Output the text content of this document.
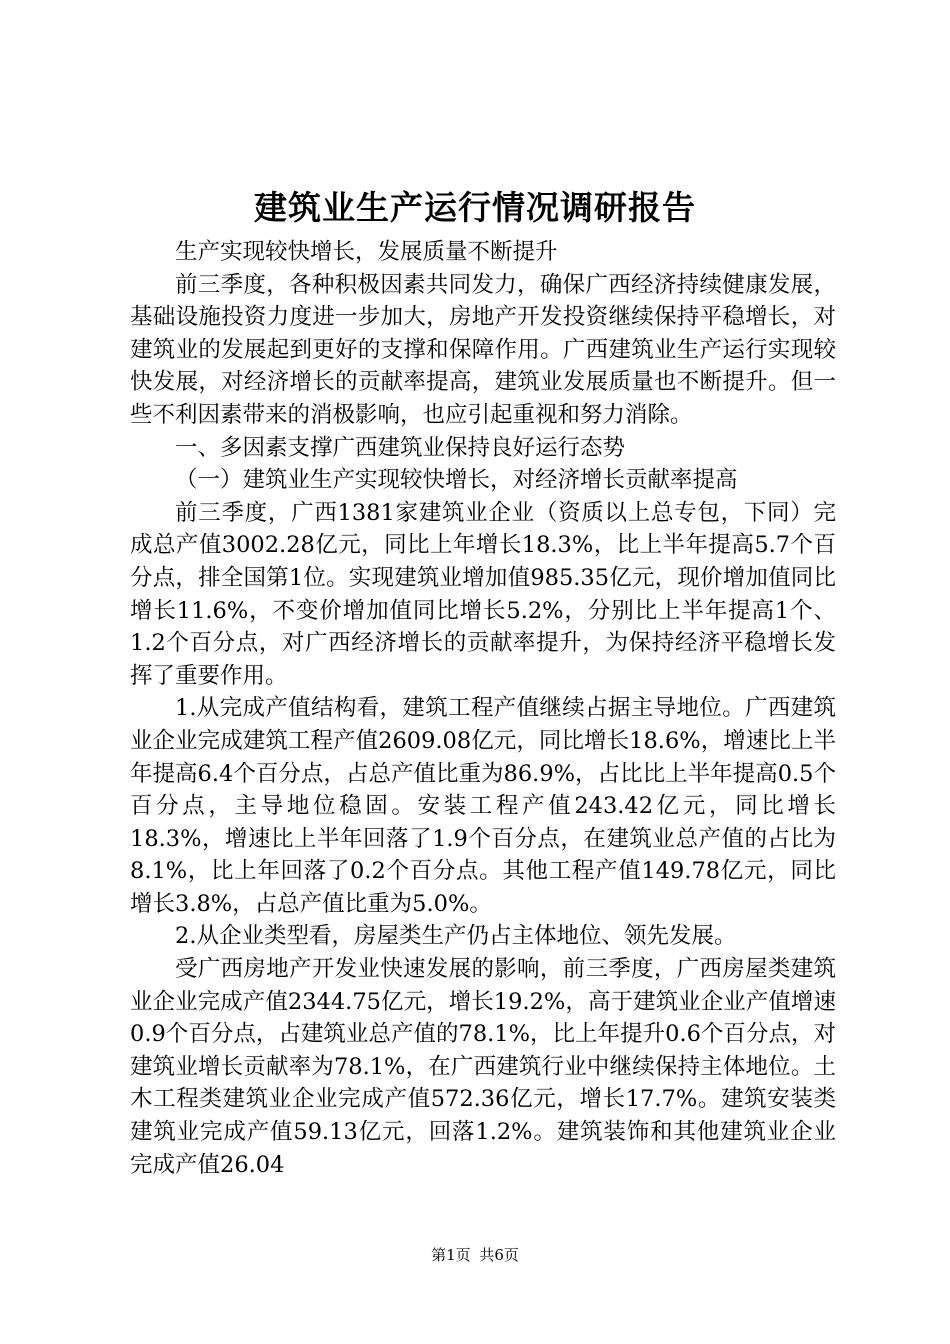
建筑业生产运行情况调研报告

生产实现较快增长，发展质量不断提升

前三季度，各种积极因素共同发力，确保广西经济持续健康发展，基础设施投资力度进一步加大，房地产开发投资继续保持平稳增长，对建筑业的发展起到更好的支撑和保障作用。广西建筑业生产运行实现较快发展，对经济增长的贡献率提高，建筑业发展质量也不断提升。但一些不利因素带来的消极影响，也应引起重视和努力消除。

一、多因素支撑广西建筑业保持良好运行态势

（一）建筑业生产实现较快增长，对经济增长贡献率提高

前三季度，广西1381家建筑业企业（资质以上总专包，下同）完成总产值3002.28亿元，同比上年增长18.3%，比上半年提高5.7个百分点，排全国第1位。实现建筑业增加值985.35亿元，现价增加值同比增长11.6%，不变价增加值同比增长5.2%，分别比上半年提高1个、1.2个百分点，对广西经济增长的贡献率提升，为保持经济平稳增长发挥了重要作用。

1.从完成产值结构看，建筑工程产值继续占据主导地位。广西建筑业企业完成建筑工程产值2609.08亿元，同比增长18.6%，增速比上半年提高6.4个百分点，占总产值比重为86.9%，占比比上半年提高0.5个百分点，主导地位稳固。安装工程产值243.42亿元，同比增长18.3%，增速比上半年回落了1.9个百分点，在建筑业总产值的占比为8.1%，比上年回落了0.2个百分点。其他工程产值149.78亿元，同比增长3.8%，占总产值比重为5.0%。

2.从企业类型看，房屋类生产仍占主体地位、领先发展。

受广西房地产开发业快速发展的影响，前三季度，广西房屋类建筑业企业完成产值2344.75亿元，增长19.2%，高于建筑业企业产值增速0.9个百分点，占建筑业总产值的78.1%，比上年提升0.6个百分点，对建筑业增长贡献率为78.1%，在广西建筑行业中继续保持主体地位。土木工程类建筑业企业完成产值572.36亿元，增长17.7%。建筑安装类建筑业完成产值59.13亿元，回落1.2%。建筑装饰和其他建筑业企业完成产值26.04

第1页 共6页
